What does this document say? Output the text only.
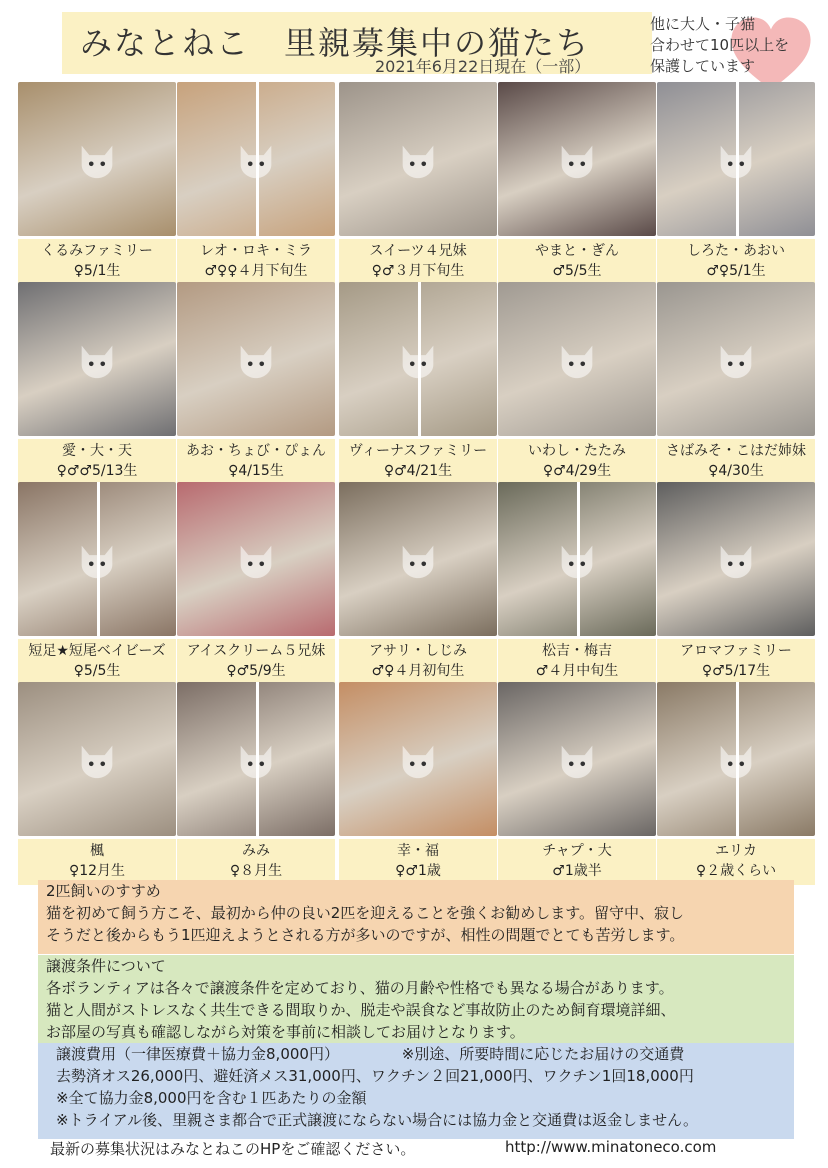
みなとねこ　里親募集中の猫たち
2021年6月22日現在（一部）
他に大人・子猫
合わせて10匹以上を
保護しています
くるみファミリー
♀5/1生
レオ・ロキ・ミラ
♂♀♀４月下旬生
スイーツ４兄妹
♀♂３月下旬生
やまと・ぎん
♂5/5生
しろた・あおい
♂♀5/1生
愛・大・天
♀♂♂5/13生
あお・ちょび・ぴょん
♀4/15生
ヴィーナスファミリー
♀♂4/21生
いわし・たたみ
♀♂4/29生
さばみそ・こはだ姉妹
♀4/30生
短足★短尾ベイビーズ
♀5/5生
アイスクリーム５兄妹
♀♂5/9生
アサリ・しじみ
♂♀４月初旬生
松吉・梅吉
♂４月中旬生
アロマファミリー
♀♂5/17生
楓
♀12月生
みみ
♀８月生
幸・福
♀♂1歳
チャプ・大
♂1歳半
エリカ
♀２歳くらい

2匹飼いのすすめ

猫を初めて飼う方こそ、最初から仲の良い2匹を迎えることを強くお勧めします。留守中、寂し

そうだと後からもう1匹迎えようとされる方が多いのですが、相性の問題でとても苦労します。

譲渡条件について

各ボランティアは各々で譲渡条件を定めており、猫の月齢や性格でも異なる場合があります。

猫と人間がストレスなく共生できる間取りか、脱走や誤食など事故防止のため飼育環境詳細、

お部屋の写真も確認しながら対策を事前に相談してお届けとなります。

譲渡費用（一律医療費＋協力金8,000円）	※別途、所要時間に応じたお届けの交通費

去勢済オス26,000円、避妊済メス31,000円、ワクチン２回21,000円、ワクチン1回18,000円

※全て協力金8,000円を含む１匹あたりの金額

※トライアル後、里親さま都合で正式譲渡にならない場合には協力金と交通費は返金しません。

最新の募集状況はみなとねこのHPをご確認ください。	http://www.minatoneco.com
